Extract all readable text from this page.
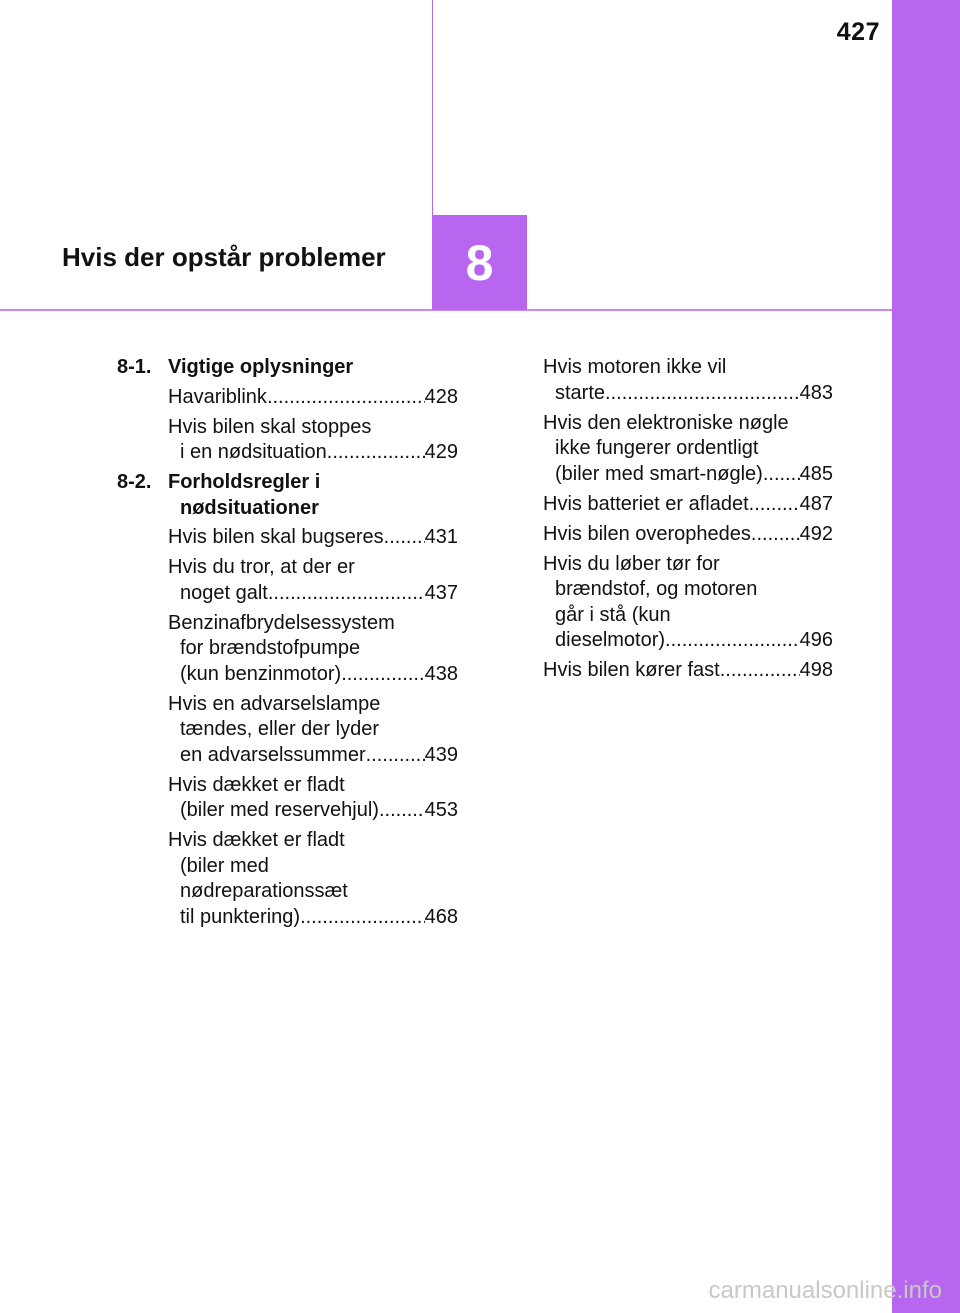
427
8
Hvis der opstår problemer
8-1. Vigtige oplysninger
Havariblink .....	428
Hvis bilen skal stoppes
i en nødsituation .....	429
8-2. Forholdsregler i
nødsituationer
Hvis bilen skal bugseres ..... 431
Hvis du tror, at der er
noget galt .....	437
Benzinafbrydelsessystem
for brændstofpumpe
(kun benzinmotor) .....	438
Hvis en advarselslampe
tændes, eller der lyder
en advarselssummer .....	439
Hvis dækket er fladt
(biler med reservehjul) ..... 453
Hvis dækket er fladt
(biler med
nødreparationssæt
til punktering) .....	468
Hvis motoren ikke vil
starte .....	483
Hvis den elektroniske nøgle
ikke fungerer ordentligt
(biler med smart-nøgle) ..... 485
Hvis batteriet er afladet .....	487
Hvis bilen overophedes ..... 492
Hvis du løber tør for
brændstof, og motoren
går i stå (kun
dieselmotor) .....	496
Hvis bilen kører fast .....	498
carmanualsonline.info
